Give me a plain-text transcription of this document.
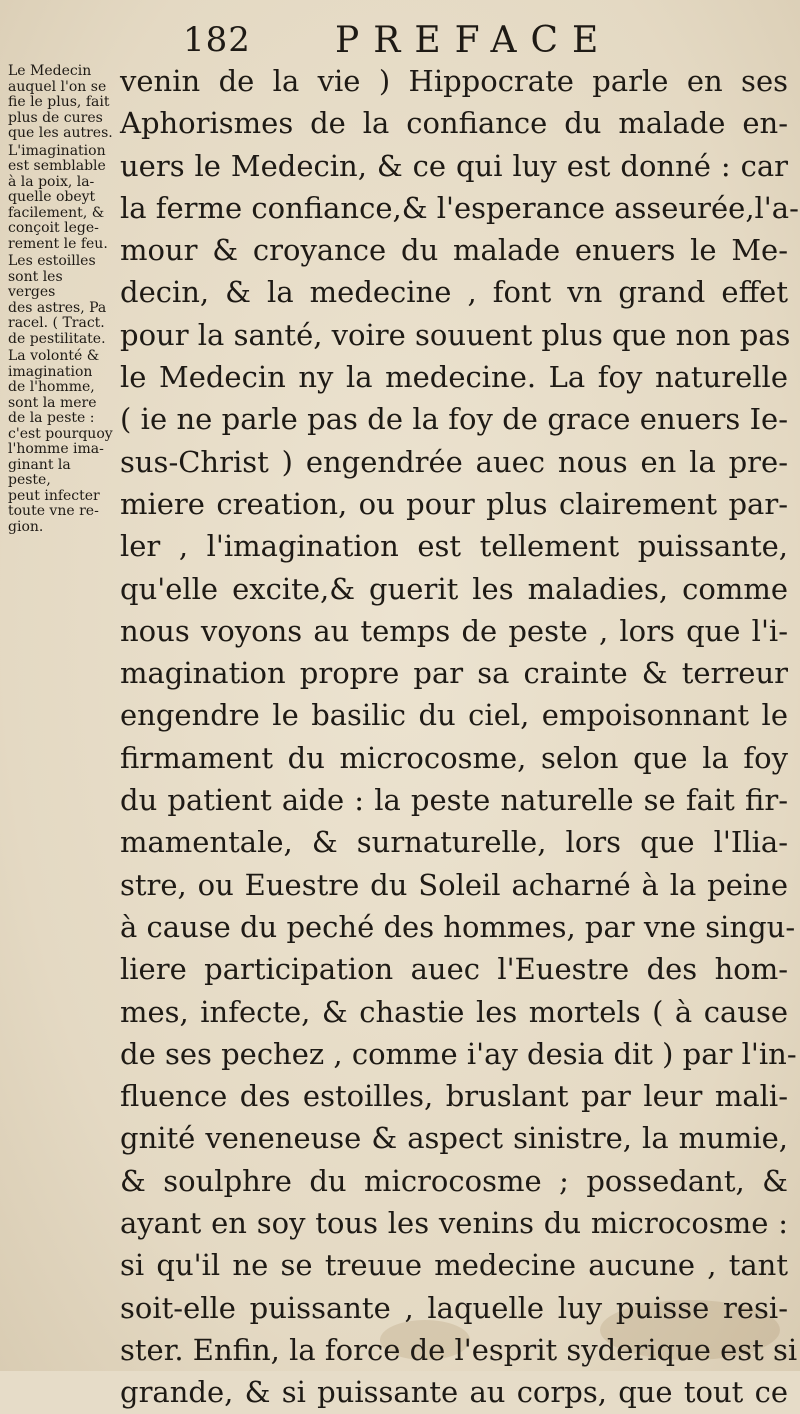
182 PREFACE
Le Medecin
auquel l'on se
fie le plus, fait
plus de cures
que les autres.
L'imagination
est semblable
à la poix, la-
quelle obeyt
facilement, &
conçoit lege-
rement le feu.
Les estoilles
sont les verges
des astres, Pa
racel. ( Tract.
de pestilitate.
La volonté &
imagination
de l'homme,
sont la mere
de la peste :
c'est pourquoy
l'homme ima-
ginant la peste,
peut infecter
toute vne re-
gion.
venin de la vie ) Hippocrate parle en ses
Aphorismes de la confiance du malade en-
uers le Medecin, & ce qui luy est donné : car
la ferme confiance,& l'esperance asseurée,l'a-
mour & croyance du malade enuers le Me-
decin, & la medecine , font vn grand effet
pour la santé, voire souuent plus que non pas
le Medecin ny la medecine. La foy naturelle
( ie ne parle pas de la foy de grace enuers Ie-
sus-Christ ) engendrée auec nous en la pre-
miere creation, ou pour plus clairement par-
ler , l'imagination est tellement puissante,
qu'elle excite,& guerit les maladies, comme
nous voyons au temps de peste , lors que l'i-
magination propre par sa crainte & terreur
engendre le basilic du ciel, empoisonnant le
firmament du microcosme, selon que la foy
du patient aide : la peste naturelle se fait fir-
mamentale, & surnaturelle, lors que l'Ilia-
stre, ou Euestre du Soleil acharné à la peine
à cause du peché des hommes, par vne singu-
liere participation auec l'Euestre des hom-
mes, infecte, & chastie les mortels ( à cause
de ses pechez , comme i'ay desia dit ) par l'in-
fluence des estoilles, bruslant par leur mali-
gnité veneneuse & aspect sinistre, la mumie,
& soulphre du microcosme ; possedant, &
ayant en soy tous les venins du microcosme :
si qu'il ne se treuue medecine aucune , tant
soit-elle puissante , laquelle luy puisse resi-
ster. Enfin, la force de l'esprit syderique est si
grande, & si puissante au corps, que tout ce
